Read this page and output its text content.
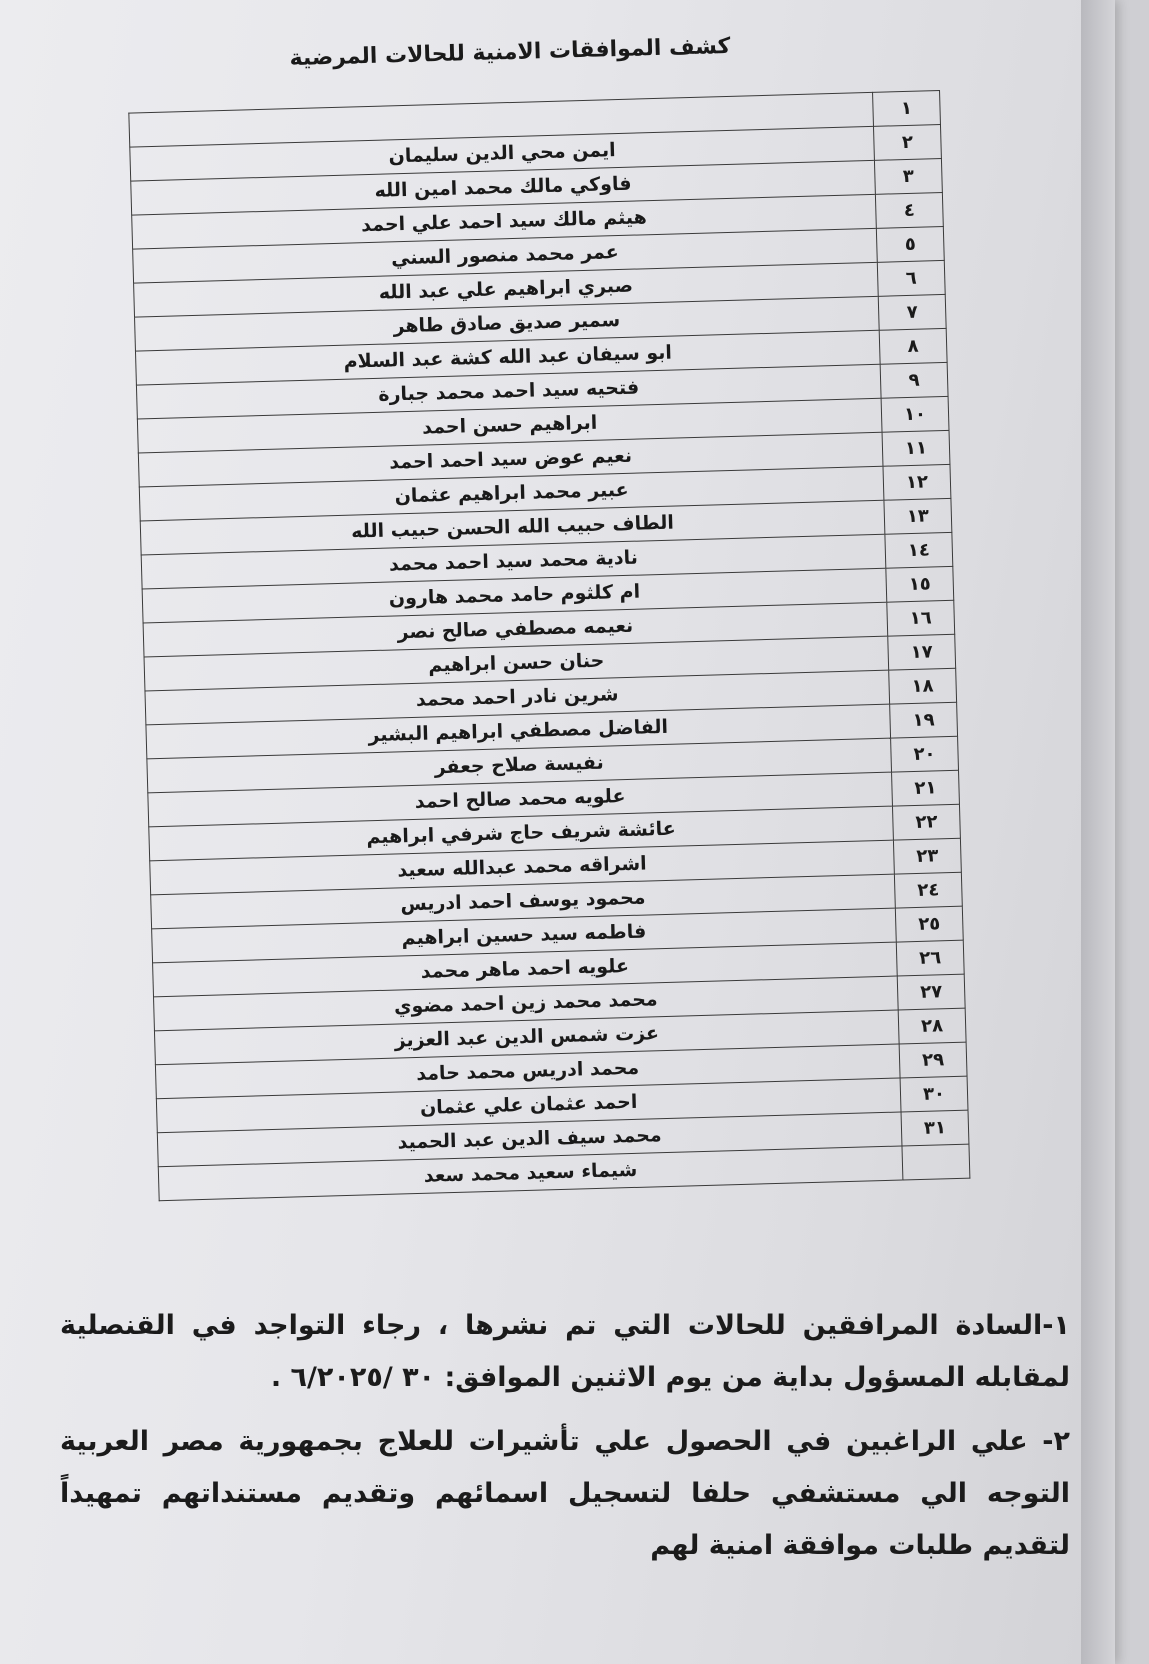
كشف الموافقات الامنية للحالات المرضية
١	
٢	ايمن محي الدين سليمان
٣	فاوكي مالك محمد امين الله
٤	هيثم مالك سيد احمد علي احمد
٥	عمر محمد منصور السني
٦	صبري ابراهيم علي عبد الله
٧	سمير صديق صادق طاهر
٨	ابو سيفان عبد الله كشة عبد السلام
٩	فتحيه سيد احمد محمد جبارة
١٠	ابراهيم حسن احمد
١١	نعيم عوض سيد احمد احمد
١٢	عبير محمد ابراهيم عثمان
١٣	الطاف حبيب الله الحسن حبيب الله
١٤	نادية محمد سيد احمد محمد
١٥	ام كلثوم حامد محمد هارون
١٦	نعيمه مصطفي صالح نصر
١٧	حنان حسن ابراهيم
١٨	شرين نادر احمد محمد
١٩	الفاضل مصطفي ابراهيم البشير
٢٠	نفيسة صلاح جعفر
٢١	علويه محمد صالح احمد
٢٢	عائشة شريف حاج شرفي ابراهيم
٢٣	اشراقه محمد عبدالله سعيد
٢٤	محمود يوسف احمد ادريس
٢٥	فاطمه سيد حسين ابراهيم
٢٦	علويه احمد ماهر محمد
٢٧	محمد محمد زين احمد مضوي
٢٨	عزت شمس الدين عبد العزيز
٢٩	محمد ادريس محمد حامد
٣٠	احمد عثمان علي عثمان
٣١	محمد سيف الدين عبد الحميد
	شيماء سعيد محمد سعد

١-السادة المرافقين للحالات التي تم نشرها ، رجاء التواجد في القنصلية لمقابله المسؤول بداية من يوم الاثنين الموافق: ٣٠ /٦/٢٠٢٥ .

٢- علي الراغبين في الحصول علي تأشيرات للعلاج بجمهورية مصر العربية التوجه الي مستشفي حلفا لتسجيل اسمائهم وتقديم مستنداتهم تمهيداً لتقديم طلبات موافقة امنية لهم
